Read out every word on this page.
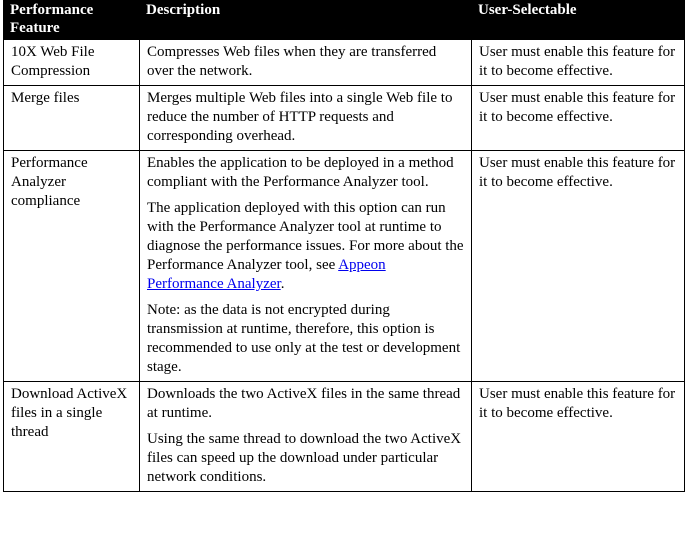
Performance Feature	Description	User-Selectable
10X Web File Compression	Compresses Web files when they are transferred over the network.	User must enable this feature for it to become effective.
Merge files	Merges multiple Web files into a single Web file to reduce the number of HTTP requests and corresponding overhead.	User must enable this feature for it to become effective.
Performance Analyzer compliance	Enables the application to be deployed in a method compliant with the Performance Analyzer tool.

The application deployed with this option can run with the Performance Analyzer tool at runtime to diagnose the performance issues. For more about the Performance Analyzer tool, see Appeon Performance Analyzer.

Note: as the data is not encrypted during transmission at runtime, therefore, this option is recommended to use only at the test or development stage.	User must enable this feature for it to become effective.
Download ActiveX files in a single thread	Downloads the two ActiveX files in the same thread at runtime.

Using the same thread to download the two ActiveX files can speed up the download under particular network conditions.	User must enable this feature for it to become effective.
